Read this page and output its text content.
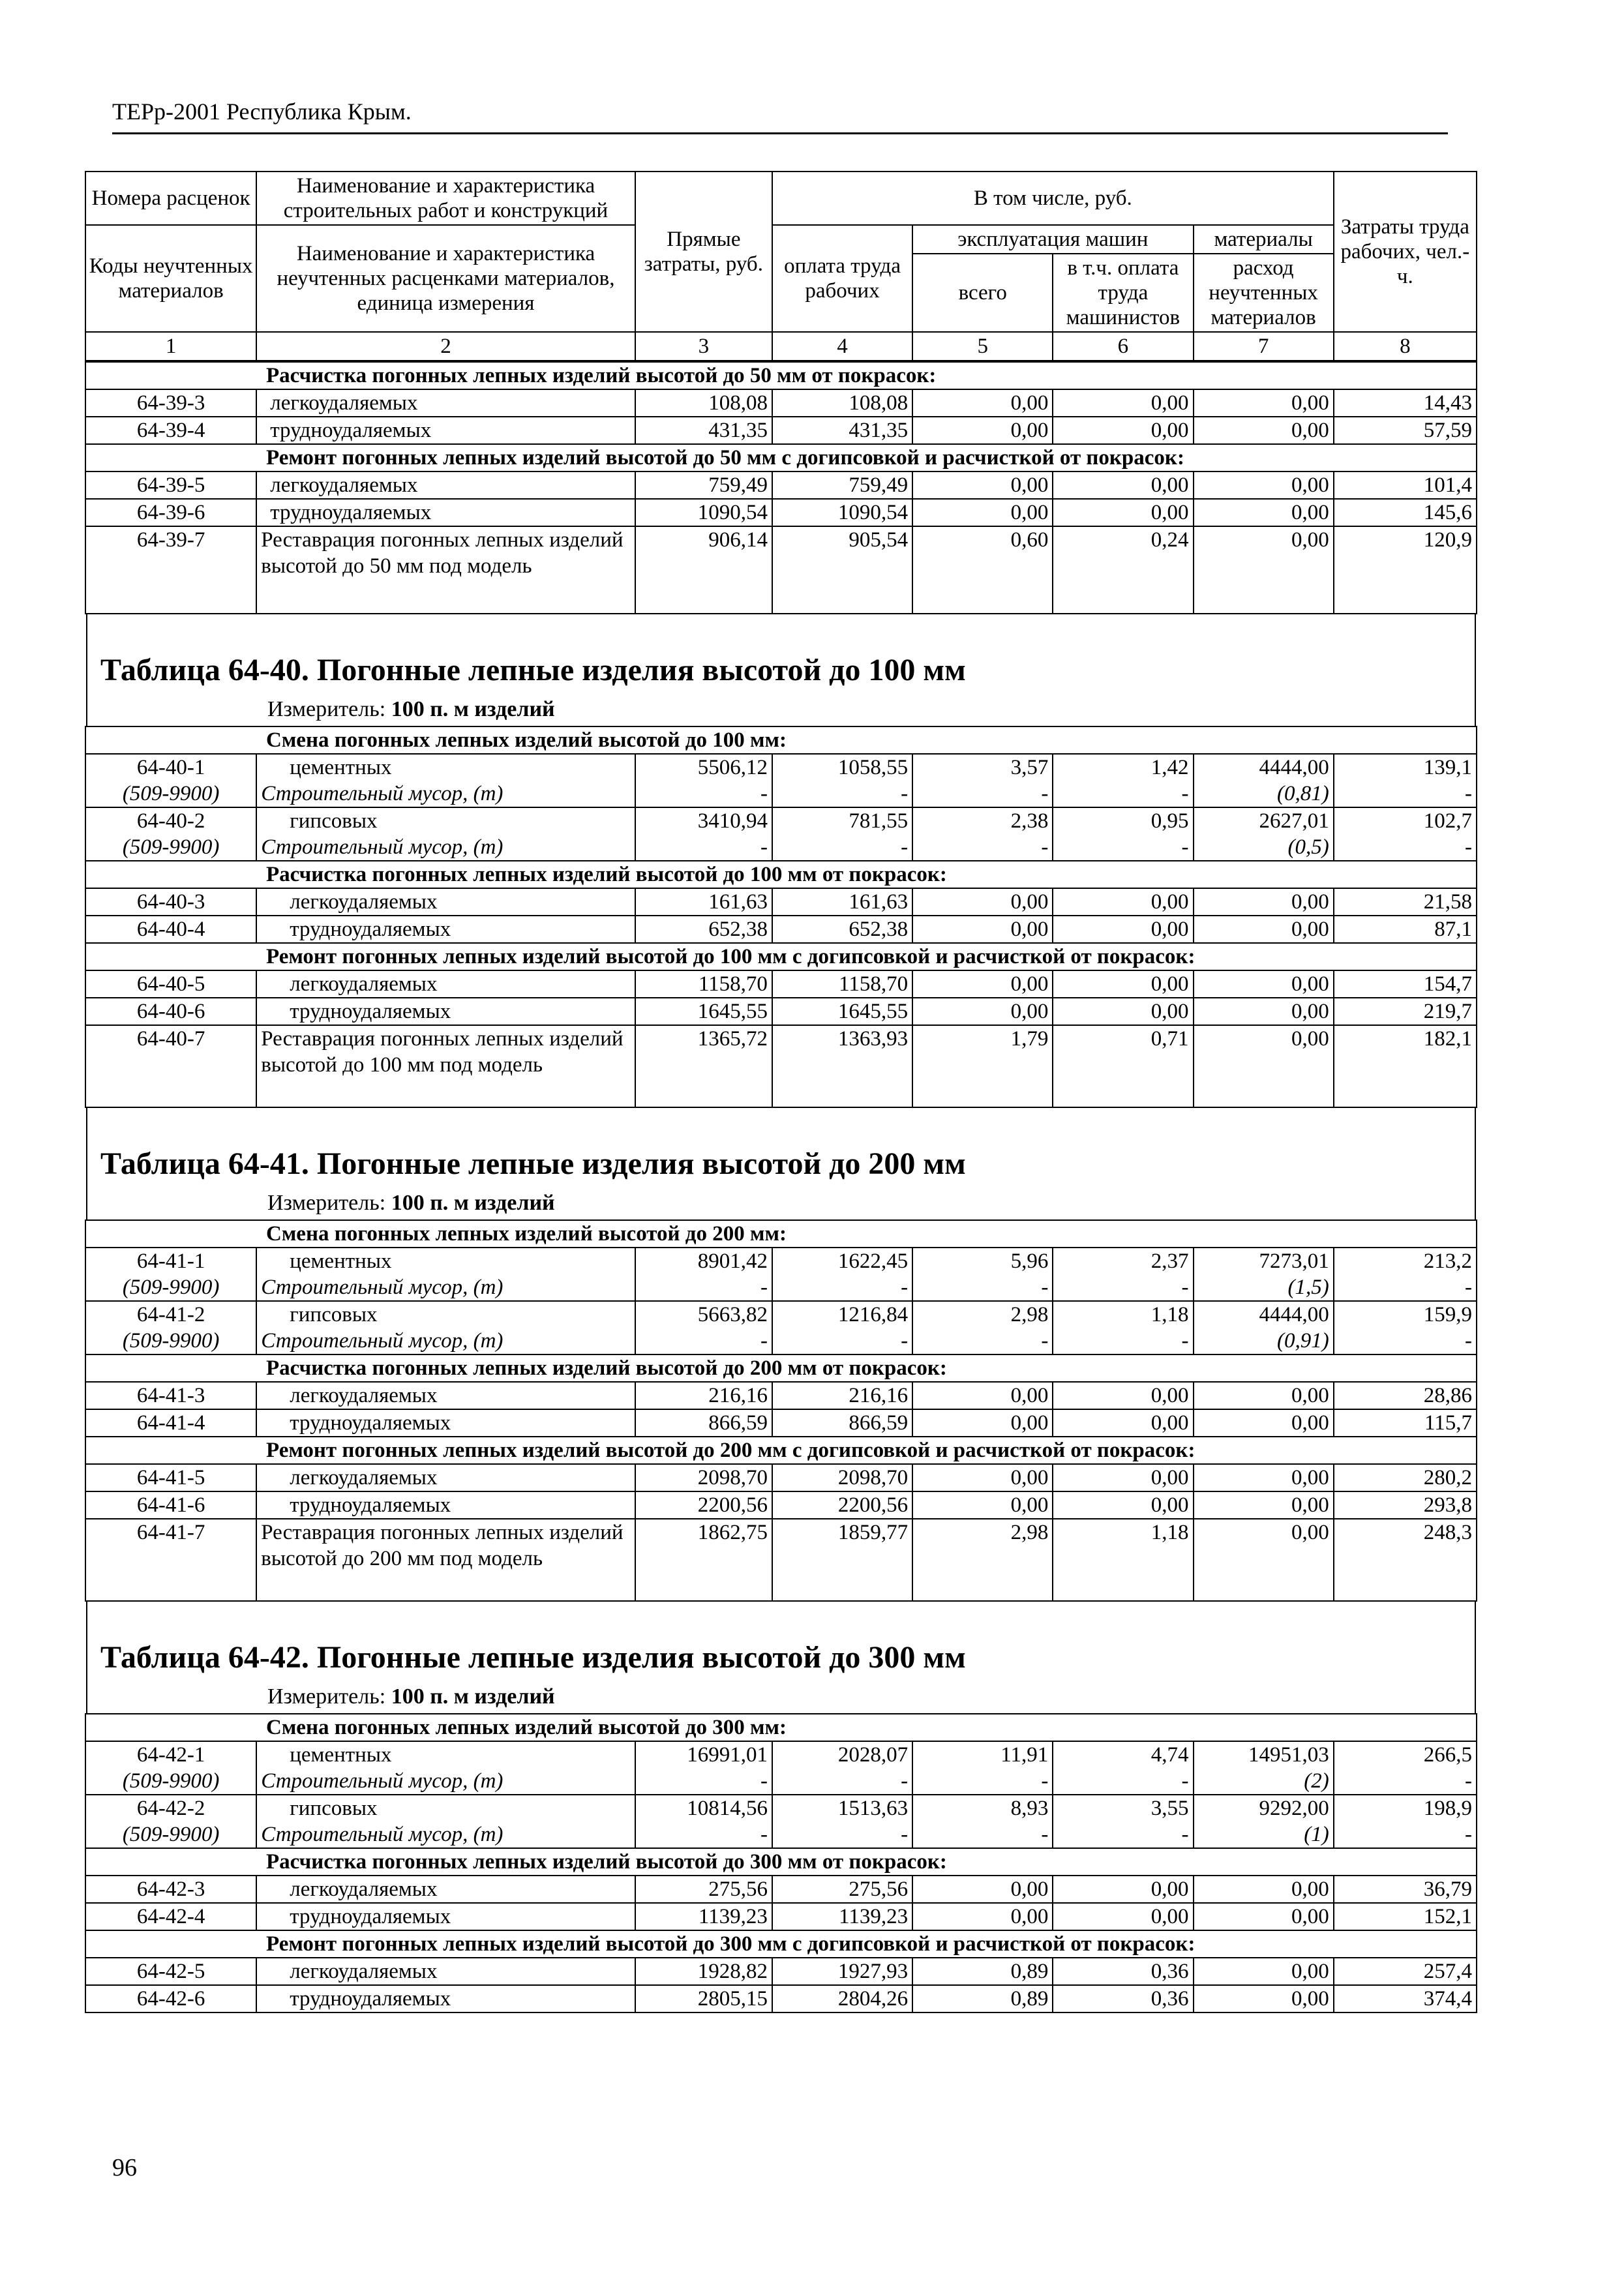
ТЕРр-2001 Республика Крым.
Номера расценок	Наименование и характеристика строительных работ и конструкций	Прямые затраты, руб.	В том числе, руб.				Затраты труда рабочих, чел.-ч.
Коды неучтенных материалов	Наименование и характеристика неучтенных расценками материалов, единица измерения		оплата труда рабочих	эксплуатация машин		материалы	
				всего	в т.ч. оплата труда машинистов	расход неучтенных материалов	

1	2	3	4	5	6	7	8
Расчистка погонных лепных изделий высотой до 50 мм от покрасок:							
64-39-3	легкоудаляемых	108,08	108,08	0,00	0,00	0,00	14,43
64-39-4	трудноудаляемых	431,35	431,35	0,00	0,00	0,00	57,59
Ремонт погонных лепных изделий высотой до 50 мм с догипсовкой и расчисткой от покрасок:							
64-39-5	легкоудаляемых	759,49	759,49	0,00	0,00	0,00	101,4
64-39-6	трудноудаляемых	1090,54	1090,54	0,00	0,00	0,00	145,6
64-39-7	Реставрация погонных лепных изделий высотой до 50 мм под модель	906,14	905,54	0,60	0,24	0,00	120,9
Таблица 64-40. Погонные лепные изделия высотой до 100 мм
Измеритель: 100 п. м изделий
Смена погонных лепных изделий высотой до 100 мм:							
64-40-1	цементных	5506,12	1058,55	3,57	1,42	4444,00	139,1
(509-9900)	Строительный мусор, (т)	-	-	-	-	(0,81)	-
64-40-2	гипсовых	3410,94	781,55	2,38	0,95	2627,01	102,7
(509-9900)	Строительный мусор, (т)	-	-	-	-	(0,5)	-
Расчистка погонных лепных изделий высотой до 100 мм от покрасок:							
64-40-3	легкоудаляемых	161,63	161,63	0,00	0,00	0,00	21,58
64-40-4	трудноудаляемых	652,38	652,38	0,00	0,00	0,00	87,1
Ремонт погонных лепных изделий высотой до 100 мм с догипсовкой и расчисткой от покрасок:							
64-40-5	легкоудаляемых	1158,70	1158,70	0,00	0,00	0,00	154,7
64-40-6	трудноудаляемых	1645,55	1645,55	0,00	0,00	0,00	219,7
64-40-7	Реставрация погонных лепных изделий высотой до 100 мм под модель	1365,72	1363,93	1,79	0,71	0,00	182,1
Таблица 64-41. Погонные лепные изделия высотой до 200 мм
Измеритель: 100 п. м изделий
Смена погонных лепных изделий высотой до 200 мм:							
64-41-1	цементных	8901,42	1622,45	5,96	2,37	7273,01	213,2
(509-9900)	Строительный мусор, (т)	-	-	-	-	(1,5)	-
64-41-2	гипсовых	5663,82	1216,84	2,98	1,18	4444,00	159,9
(509-9900)	Строительный мусор, (т)	-	-	-	-	(0,91)	-
Расчистка погонных лепных изделий высотой до 200 мм от покрасок:							
64-41-3	легкоудаляемых	216,16	216,16	0,00	0,00	0,00	28,86
64-41-4	трудноудаляемых	866,59	866,59	0,00	0,00	0,00	115,7
Ремонт погонных лепных изделий высотой до 200 мм с догипсовкой и расчисткой от покрасок:							
64-41-5	легкоудаляемых	2098,70	2098,70	0,00	0,00	0,00	280,2
64-41-6	трудноудаляемых	2200,56	2200,56	0,00	0,00	0,00	293,8
64-41-7	Реставрация погонных лепных изделий высотой до 200 мм под модель	1862,75	1859,77	2,98	1,18	0,00	248,3
Таблица 64-42. Погонные лепные изделия высотой до 300 мм
Измеритель: 100 п. м изделий
Смена погонных лепных изделий высотой до 300 мм:							
64-42-1	цементных	16991,01	2028,07	11,91	4,74	14951,03	266,5
(509-9900)	Строительный мусор, (т)	-	-	-	-	(2)	-
64-42-2	гипсовых	10814,56	1513,63	8,93	3,55	9292,00	198,9
(509-9900)	Строительный мусор, (т)	-	-	-	-	(1)	-
Расчистка погонных лепных изделий высотой до 300 мм от покрасок:							
64-42-3	легкоудаляемых	275,56	275,56	0,00	0,00	0,00	36,79
64-42-4	трудноудаляемых	1139,23	1139,23	0,00	0,00	0,00	152,1
Ремонт погонных лепных изделий высотой до 300 мм с догипсовкой и расчисткой от покрасок:							
64-42-5	легкоудаляемых	1928,82	1927,93	0,89	0,36	0,00	257,4
64-42-6	трудноудаляемых	2805,15	2804,26	0,89	0,36	0,00	374,4
96
